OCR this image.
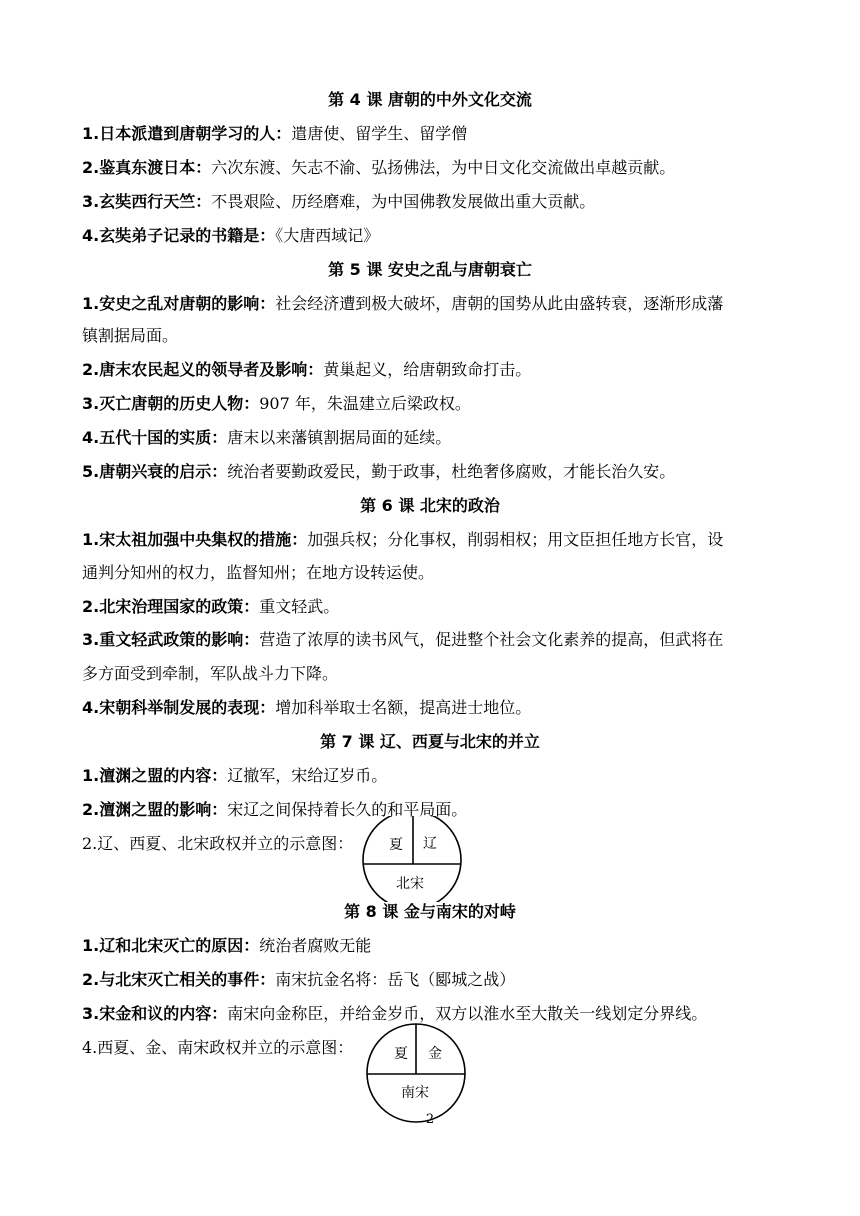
第 4 课 唐朝的中外文化交流
1.日本派遣到唐朝学习的人：遣唐使、留学生、留学僧
2.鉴真东渡日本：六次东渡、矢志不渝、弘扬佛法，为中日文化交流做出卓越贡献。
3.玄奘西行天竺：不畏艰险、历经磨难，为中国佛教发展做出重大贡献。
4.玄奘弟子记录的书籍是：《大唐西域记》
第 5 课 安史之乱与唐朝衰亡
1.安史之乱对唐朝的影响：社会经济遭到极大破坏，唐朝的国势从此由盛转衰，逐渐形成藩
镇割据局面。
2.唐末农民起义的领导者及影响：黄巢起义，给唐朝致命打击。
3.灭亡唐朝的历史人物：907 年，朱温建立后梁政权。
4.五代十国的实质：唐末以来藩镇割据局面的延续。
5.唐朝兴衰的启示：统治者要勤政爱民，勤于政事，杜绝奢侈腐败，才能长治久安。
第 6 课 北宋的政治
1.宋太祖加强中央集权的措施：加强兵权；分化事权，削弱相权；用文臣担任地方长官，设
通判分知州的权力，监督知州；在地方设转运使。
2.北宋治理国家的政策：重文轻武。
3.重文轻武政策的影响：营造了浓厚的读书风气，促进整个社会文化素养的提高，但武将在
多方面受到牵制，军队战斗力下降。
4.宋朝科举制发展的表现：增加科举取士名额，提高进士地位。
第 7 课 辽、西夏与北宋的并立
1.澶渊之盟的内容：辽撤军，宋给辽岁币。
2.澶渊之盟的影响：宋辽之间保持着长久的和平局面。
2.辽、西夏、北宋政权并立的示意图：	夏 辽
北宋
第 8 课 金与南宋的对峙
1.辽和北宋灭亡的原因：统治者腐败无能
2.与北宋灭亡相关的事件：南宋抗金名将：岳飞（郾城之战）
3.宋金和议的内容：南宋向金称臣，并给金岁币，双方以淮水至大散关一线划定分界线。
4.西夏、金、南宋政权并立的示意图：	夏 金
南宋
2
